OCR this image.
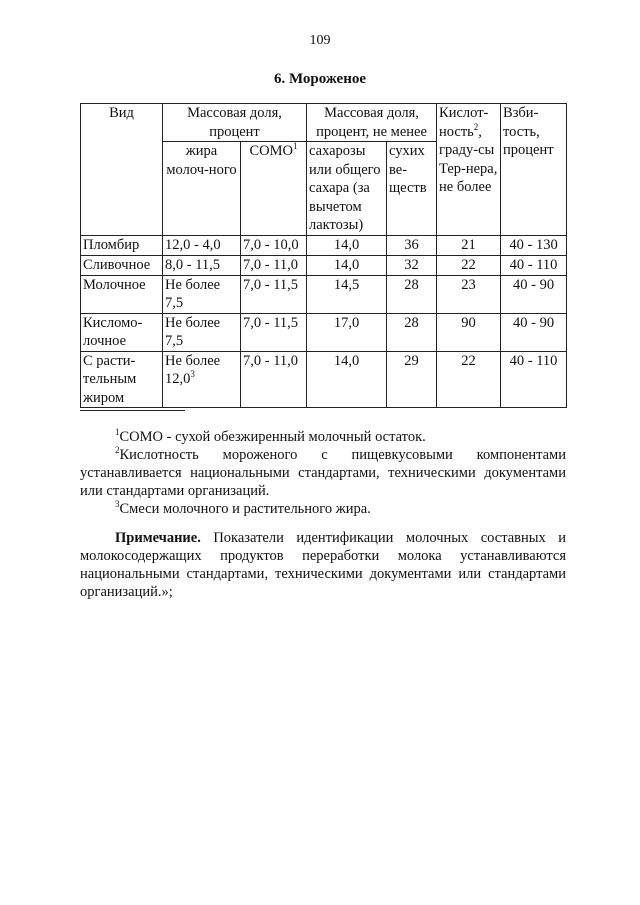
109
6. Мороженое
Вид	Массовая доля, процент		Массовая доля, процент, не менее		Кислот-ность$^2$, граду-сы Тер-нера, не более	Взби-тость, процент
	жира молоч-ного	СОМО$^1$	сахарозы или общего сахара (за вычетом лактозы)	сухих ве-ществ		
Пломбир	12,0 - 4,0	7,0 - 10,0	14,0	36	21	40 - 130
Сливочное	8,0 - 11,5	7,0 - 11,0	14,0	32	22	40 - 110
Молочное	Не более 7,5	7,0 - 11,5	14,5	28	23	40 - 90
Кисломо-лочное	Не более 7,5	7,0 - 11,5	17,0	28	90	40 - 90
С расти-тельным жиром	Не более 12,0$^3$	7,0 - 11,0	14,0	29	22	40 - 110
$^1$СОМО - сухой обезжиренный молочный остаток.
$^2$Кислотность мороженого с пищевкусовыми компонентами устанавливается национальными стандартами, техническими документами или стандартами организаций.
$^3$Смеси молочного и растительного жира.
Примечание. Показатели идентификации молочных составных и молокосодержащих продуктов переработки молока устанавливаются национальными стандартами, техническими документами или стандартами организаций.»;
